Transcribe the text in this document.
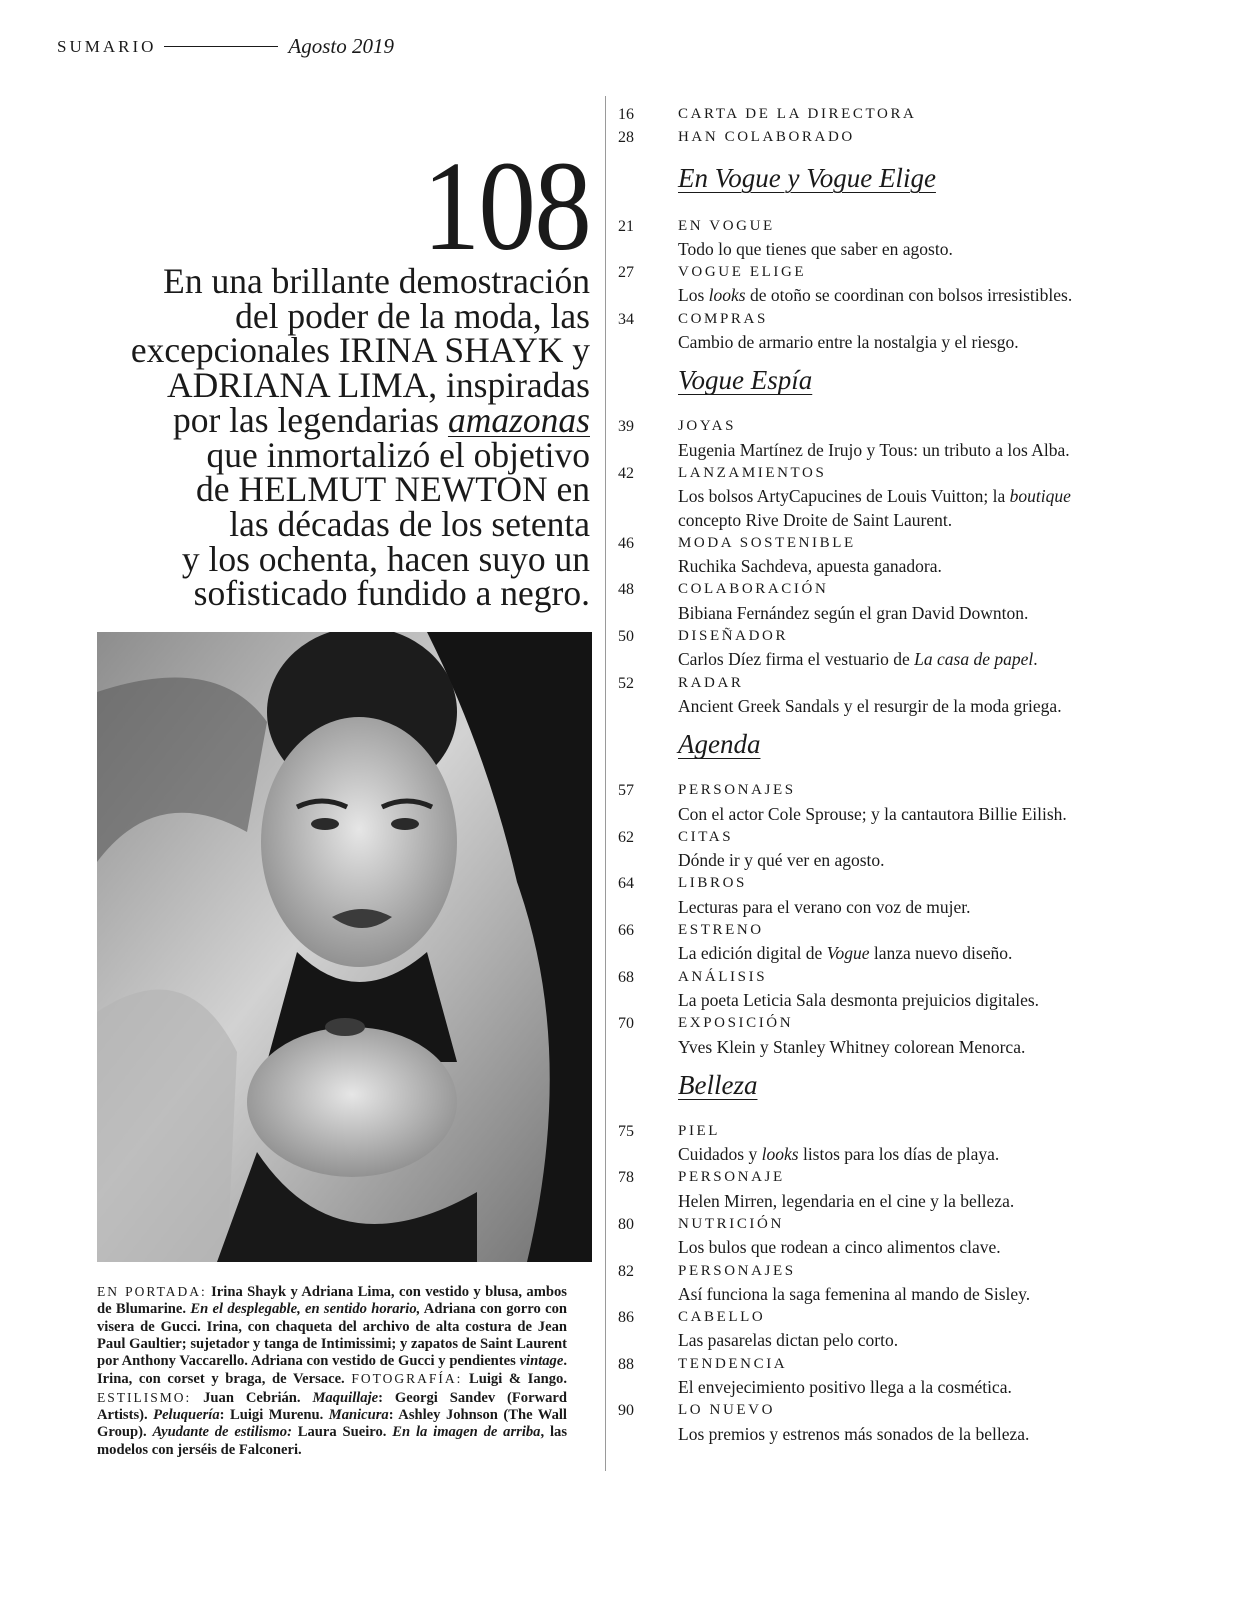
SUMARIO	Agosto 2019
108
En una brillante demostración
del poder de la moda, las
excepcionales IRINA SHAYK y
ADRIANA LIMA, inspiradas
por las legendarias amazonas
que inmortalizó el objetivo
de HELMUT NEWTON en
las décadas de los setenta
y los ochenta, hacen suyo un
sofisticado fundido a negro.
EN PORTADA: Irina Shayk y Adriana Lima, con vestido y blusa, ambos de Blumarine. En el desplegable, en sentido horario, Adriana con gorro con visera de Gucci. Irina, con chaqueta del archivo de alta costura de Jean Paul Gaultier; sujetador y tanga de Intimissimi; y zapatos de Saint Laurent por Anthony Vaccarello. Adriana con vestido de Gucci y pendientes vintage. Irina, con corset y braga, de Versace. FOTOGRAFÍA: Luigi & Iango. ESTILISMO: Juan Cebrián. Maquillaje: Georgi Sandev (Forward Artists). Peluquería: Luigi Murenu. Manicura: Ashley Johnson (The Wall Group). Ayudante de estilismo: Laura Sueiro. En la imagen de arriba, las modelos con jerséis de Falconeri.
16	CARTA DE LA DIRECTORA
28	HAN COLABORADO
En Vogue y Vogue Elige
21	EN VOGUE
Todo lo que tienes que saber en agosto.
27	VOGUE ELIGE
Los looks de otoño se coordinan con bolsos irresistibles.
34	COMPRAS
Cambio de armario entre la nostalgia y el riesgo.
Vogue Espía
39	JOYAS
Eugenia Martínez de Irujo y Tous: un tributo a los Alba.
42	LANZAMIENTOS
Los bolsos ArtyCapucines de Louis Vuitton; la boutique
concepto Rive Droite de Saint Laurent.
46	MODA SOSTENIBLE
Ruchika Sachdeva, apuesta ganadora.
48	COLABORACIÓN
Bibiana Fernández según el gran David Downton.
50	DISEÑADOR
Carlos Díez firma el vestuario de La casa de papel.
52	RADAR
Ancient Greek Sandals y el resurgir de la moda griega.
Agenda
57	PERSONAJES
Con el actor Cole Sprouse; y la cantautora Billie Eilish.
62	CITAS
Dónde ir y qué ver en agosto.
64	LIBROS
Lecturas para el verano con voz de mujer.
66	ESTRENO
La edición digital de Vogue lanza nuevo diseño.
68	ANÁLISIS
La poeta Leticia Sala desmonta prejuicios digitales.
70	EXPOSICIÓN
Yves Klein y Stanley Whitney colorean Menorca.
Belleza
75	PIEL
Cuidados y looks listos para los días de playa.
78	PERSONAJE
Helen Mirren, legendaria en el cine y la belleza.
80	NUTRICIÓN
Los bulos que rodean a cinco alimentos clave.
82	PERSONAJES
Así funciona la saga femenina al mando de Sisley.
86	CABELLO
Las pasarelas dictan pelo corto.
88	TENDENCIA
El envejecimiento positivo llega a la cosmética.
90	LO NUEVO
Los premios y estrenos más sonados de la belleza.
